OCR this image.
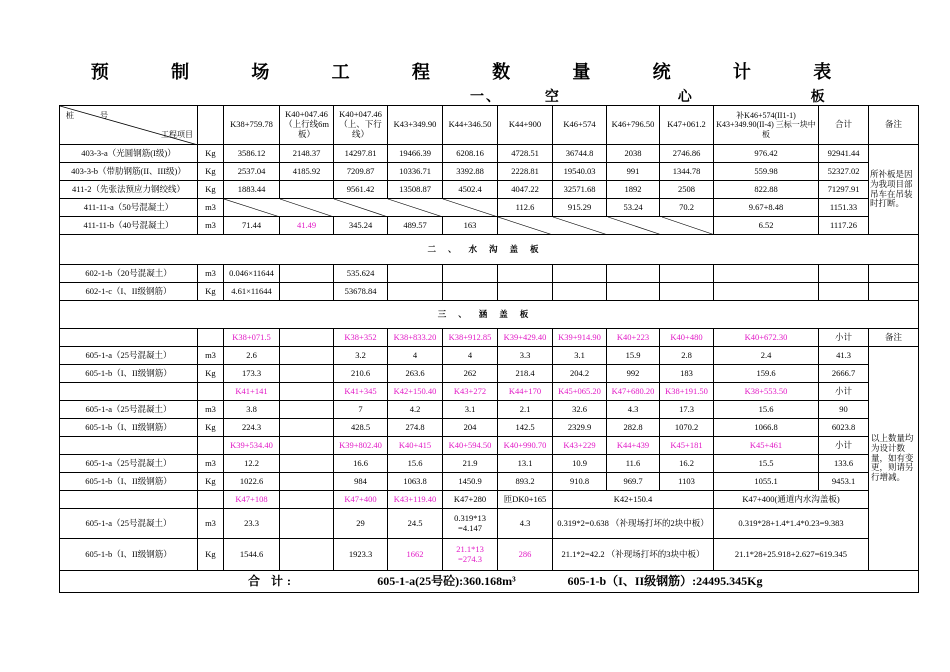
预 制 场 工 程 数 量 统 计 表
一、	空	心	板
桩 号
工程项目		K38+759.78	K40+047.46（上行线6m板）	K40+047.46（上、下行线）	K43+349.90	K44+346.50	K44+900	K46+574	K46+796.50	K47+061.2	补K46+574(II1-1) K43+349.90(II-4) 三标一块中板	合计	备注	
403-3-a（光圆钢筋(I级)）	Kg	3586.12	2148.37	14297.81	19466.39	6208.16	4728.51	36744.8	2038	2746.86	976.42	92941.44	所补板是因为我项目部吊车在吊装时打断。	
403-3-b（带肋钢筋(II、III级)）	Kg	2537.04	4185.92	7209.87	10336.71	3392.88	2228.81	19540.03	991	1344.78	559.98	52327.02		
411-2（先张法预应力钢绞线）	Kg	1883.44		9561.42	13508.87	4502.4	4047.22	32571.68	1892	2508	822.88	71297.91		
411-11-a（50号混凝土）	m3						112.6	915.29	53.24	70.2	9.67+8.48	1151.33		
411-11-b（40号混凝土）	m3	71.44	41.49	345.24	489.57	163					6.52	1117.26		
二、水沟盖板														
602-1-b（20号混凝土）	m3	0.046×11644		535.624										
602-1-c（I、II级钢筋）	Kg	4.61×11644		53678.84										
三、涵盖板														
		K38+071.5		K38+352	K38+833.20	K38+912.85	K39+429.40	K39+914.90	K40+223	K40+480	K40+672.30	小计	备注	
605-1-a（25号混凝土）	m3	2.6		3.2	4	4	3.3	3.1	15.9	2.8	2.4	41.3	以上数量均为设计数量，如有变更，则请另行增减。	
605-1-b（I、II级钢筋）	Kg	173.3		210.6	263.6	262	218.4	204.2	992	183	159.6	2666.7		
		K41+141		K41+345	K42+150.40	K43+272	K44+170	K45+065.20	K47+680.20	K38+191.50	K38+553.50	小计		
605-1-a（25号混凝土）	m3	3.8		7	4.2	3.1	2.1	32.6	4.3	17.3	15.6	90		
605-1-b（I、II级钢筋）	Kg	224.3		428.5	274.8	204	142.5	2329.9	282.8	1070.2	1066.8	6023.8		
		K39+534.40		K39+802.40	K40+415	K40+594.50	K40+990.70	K43+229	K44+439	K45+181	K45+461	小计		
605-1-a（25号混凝土）	m3	12.2		16.6	15.6	21.9	13.1	10.9	11.6	16.2	15.5	133.6		
605-1-b（I、II级钢筋）	Kg	1022.6		984	1063.8	1450.9	893.2	910.8	969.7	1103	1055.1	9453.1		
		K47+108		K47+400	K43+119.40	K47+280	匝DK0+165	K42+150.4			K47+400(通道内水沟盖板)	
605-1-a（25号混凝土）	m3	23.3		29	24.5	0.319*13 =4.147	4.3	0.319*2=0.638 （补现场打坏的2块中板）			0.319*28+1.4*1.4*0.23=9.383	
605-1-b（I、II级钢筋）	Kg	1544.6		1923.3	1662	21.1*13 =274.3	286	21.1*2=42.2 （补现场打坏的3块中板）			21.1*28+25.918+2.627=619.345	
合 计: 605-1-a(25号砼):360.168m³ 605-1-b（I、II级钢筋）:24495.345Kg														
